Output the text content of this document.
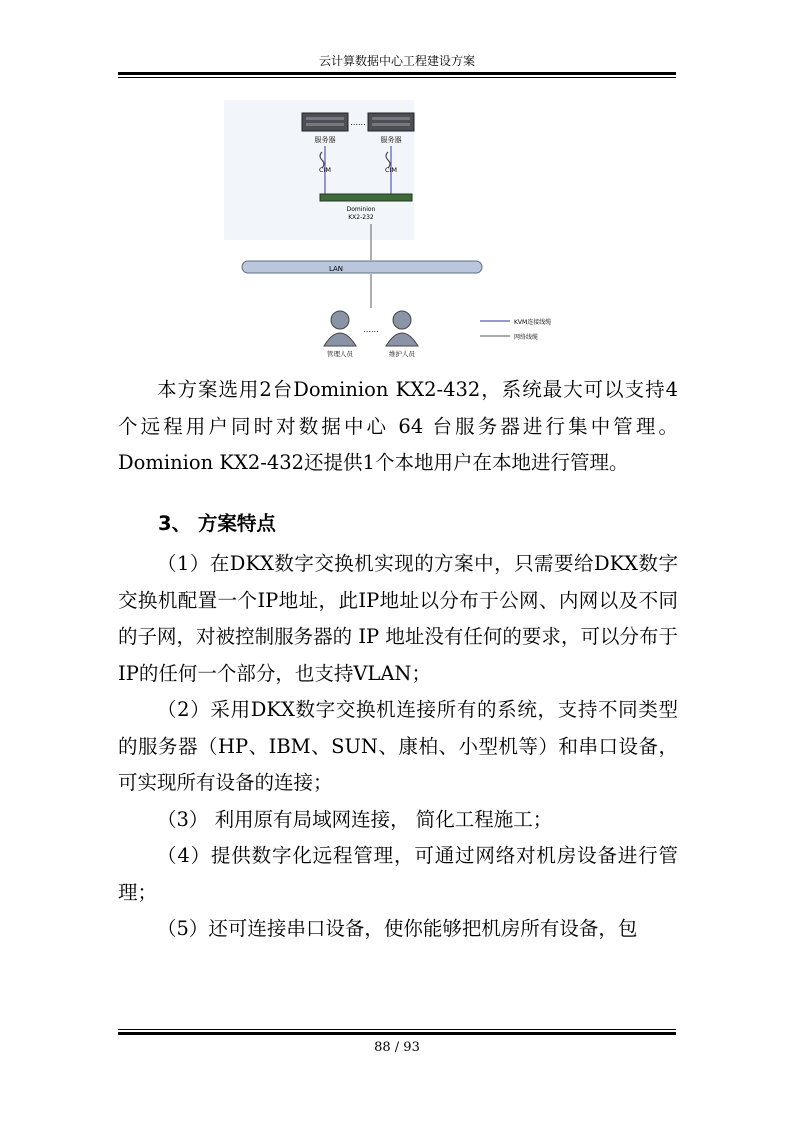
云计算数据中心工程建设方案
......
服务器	服务器
CIM	CIM
Dominion
KX2-232
LAN
......
管理人员	维护人员
KVM连接线缆
网络线缆

本方案选用2台Dominion KX2-432，系统最大可以支持4 个远程用户同时对数据中心 64 台服务器进行集中管理。Dominion KX2-432还提供1个本地用户在本地进行管理。

3、 方案特点

（1）在DKX数字交换机实现的方案中，只需要给DKX数字交换机配置一个IP地址，此IP地址以分布于公网、内网以及不同的子网，对被控制服务器的 IP 地址没有任何的要求，可以分布于IP的任何一个部分，也支持VLAN；

（2）采用DKX数字交换机连接所有的系统，支持不同类型的服务器（HP、IBM、SUN、康柏、小型机等）和串口设备，可实现所有设备的连接；

（3） 利用原有局域网连接， 简化工程施工；

（4）提供数字化远程管理，可通过网络对机房设备进行管理；

（5）还可连接串口设备，使你能够把机房所有设备，包

88 / 93
